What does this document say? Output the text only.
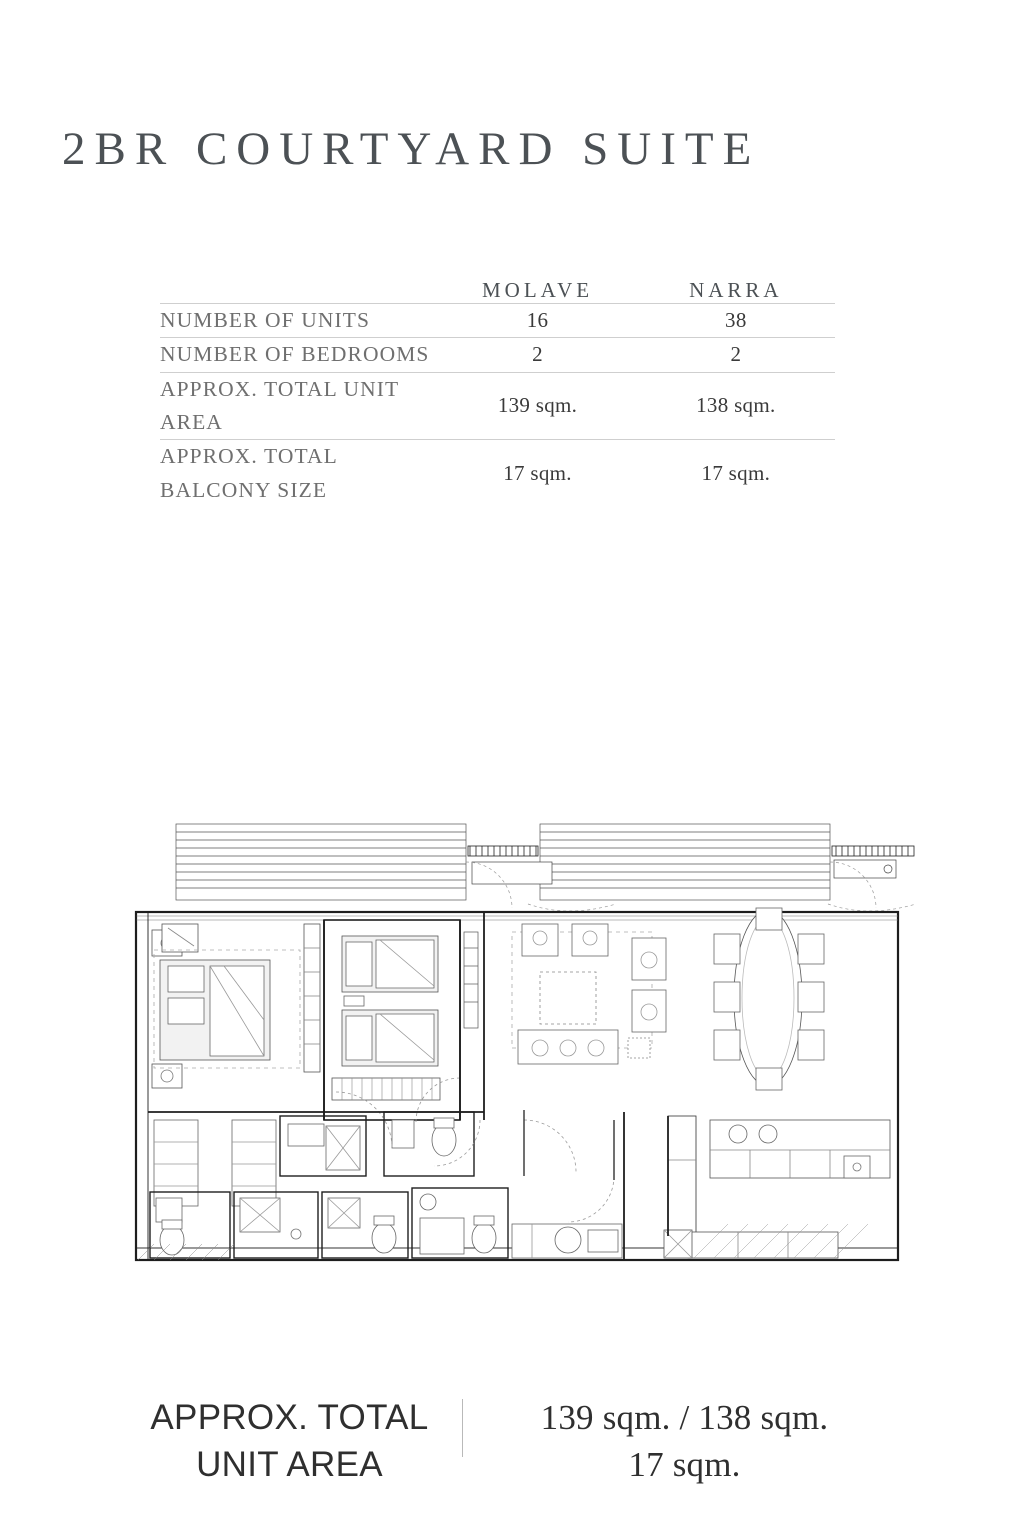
2BR COURTYARD SUITE
	MOLAVE	NARRA
NUMBER OF UNITS	16	38
NUMBER OF BEDROOMS	2	2
APPROX. TOTAL UNIT AREA	139 sqm.	138 sqm.
APPROX. TOTAL BALCONY SIZE	17 sqm.	17 sqm.
APPROX. TOTAL UNIT AREA
139 sqm. / 138 sqm.
17 sqm.
